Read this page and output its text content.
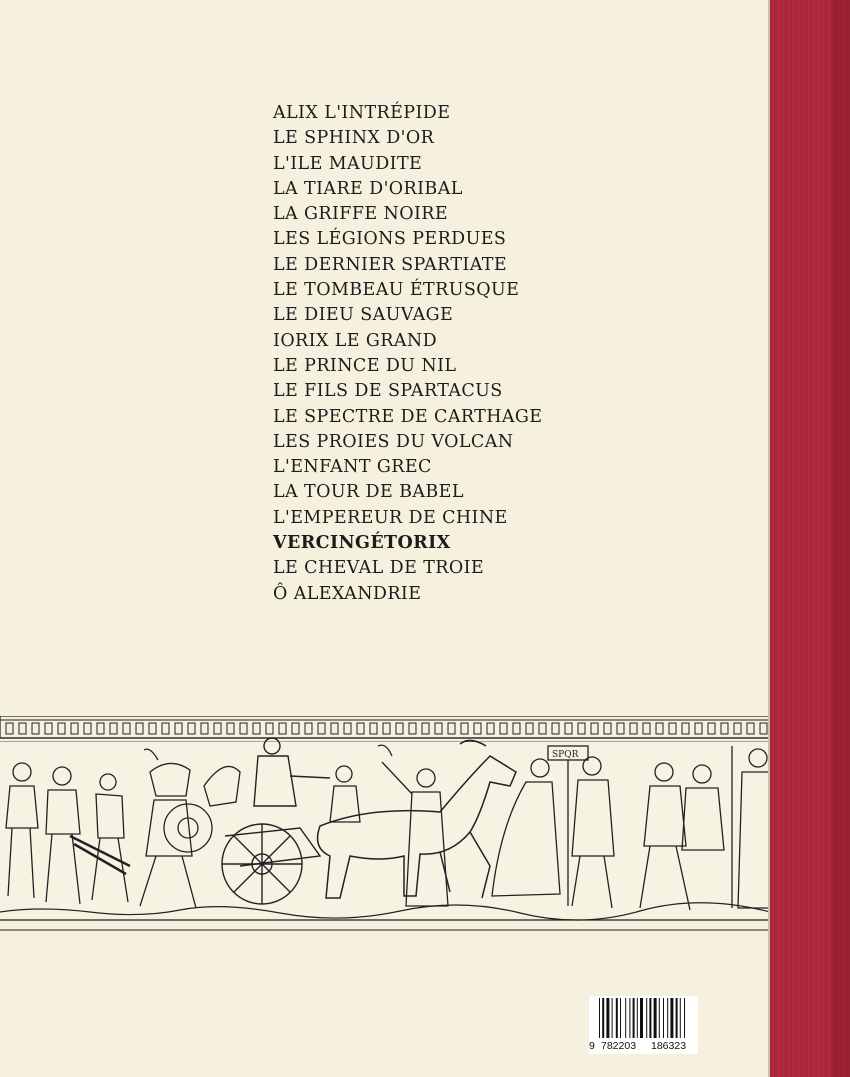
ALIX L'INTRÉPIDE
LE SPHINX D'OR
L'ILE MAUDITE
LA TIARE D'ORIBAL
LA GRIFFE NOIRE
LES LÉGIONS PERDUES
LE DERNIER SPARTIATE
LE TOMBEAU ÉTRUSQUE
LE DIEU SAUVAGE
IORIX LE GRAND
LE PRINCE DU NIL
LE FILS DE SPARTACUS
LE SPECTRE DE CARTHAGE
LES PROIES DU VOLCAN
L'ENFANT GREC
LA TOUR DE BABEL
L'EMPEREUR DE CHINE
VERCINGÉTORIX
LE CHEVAL DE TROIE
Ô ALEXANDRIE
SPQR
9 782203 186323
